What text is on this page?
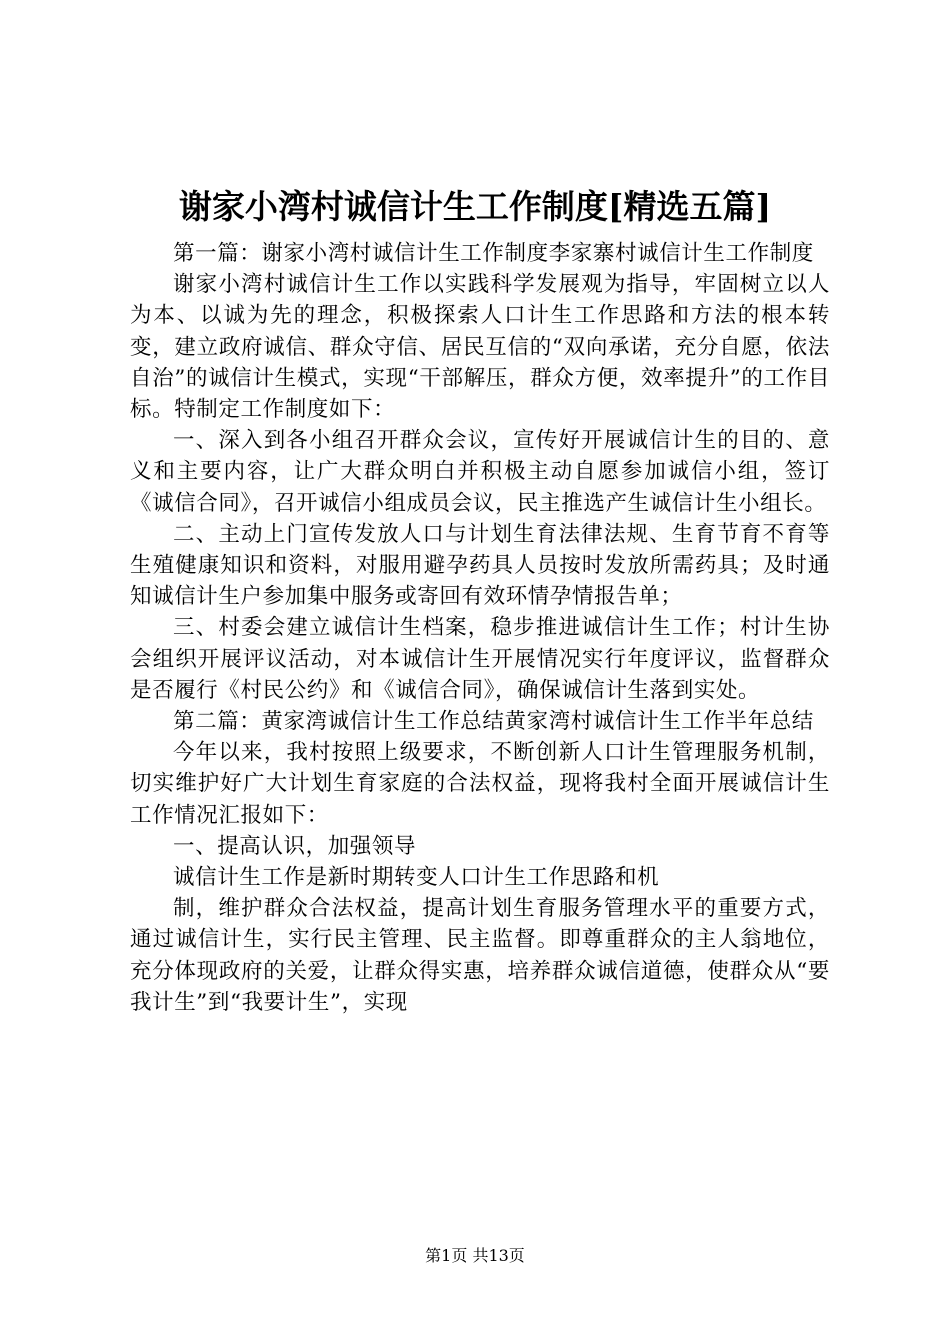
谢家小湾村诚信计生工作制度[精选五篇]

第一篇：谢家小湾村诚信计生工作制度李家寨村诚信计生工作制度

谢家小湾村诚信计生工作以实践科学发展观为指导，牢固树立以人为本、以诚为先的理念，积极探索人口计生工作思路和方法的根本转变，建立政府诚信、群众守信、居民互信的“双向承诺，充分自愿，依法自治”的诚信计生模式，实现“干部解压，群众方便，效率提升”的工作目标。特制定工作制度如下：

一、深入到各小组召开群众会议，宣传好开展诚信计生的目的、意义和主要内容，让广大群众明白并积极主动自愿参加诚信小组，签订《诚信合同》，召开诚信小组成员会议，民主推选产生诚信计生小组长。

二、主动上门宣传发放人口与计划生育法律法规、生育节育不育等生殖健康知识和资料，对服用避孕药具人员按时发放所需药具；及时通知诚信计生户参加集中服务或寄回有效环情孕情报告单；

三、村委会建立诚信计生档案，稳步推进诚信计生工作；村计生协会组织开展评议活动，对本诚信计生开展情况实行年度评议，监督群众是否履行《村民公约》和《诚信合同》，确保诚信计生落到实处。

第二篇：黄家湾诚信计生工作总结黄家湾村诚信计生工作半年总结

今年以来，我村按照上级要求，不断创新人口计生管理服务机制，切实维护好广大计划生育家庭的合法权益，现将我村全面开展诚信计生工作情况汇报如下：

一、提高认识，加强领导

诚信计生工作是新时期转变人口计生工作思路和机

制，维护群众合法权益，提高计划生育服务管理水平的重要方式，通过诚信计生，实行民主管理、民主监督。即尊重群众的主人翁地位，充分体现政府的关爱，让群众得实惠，培养群众诚信道德，使群众从“要我计生”到“我要计生”，实现

第1页 共13页
